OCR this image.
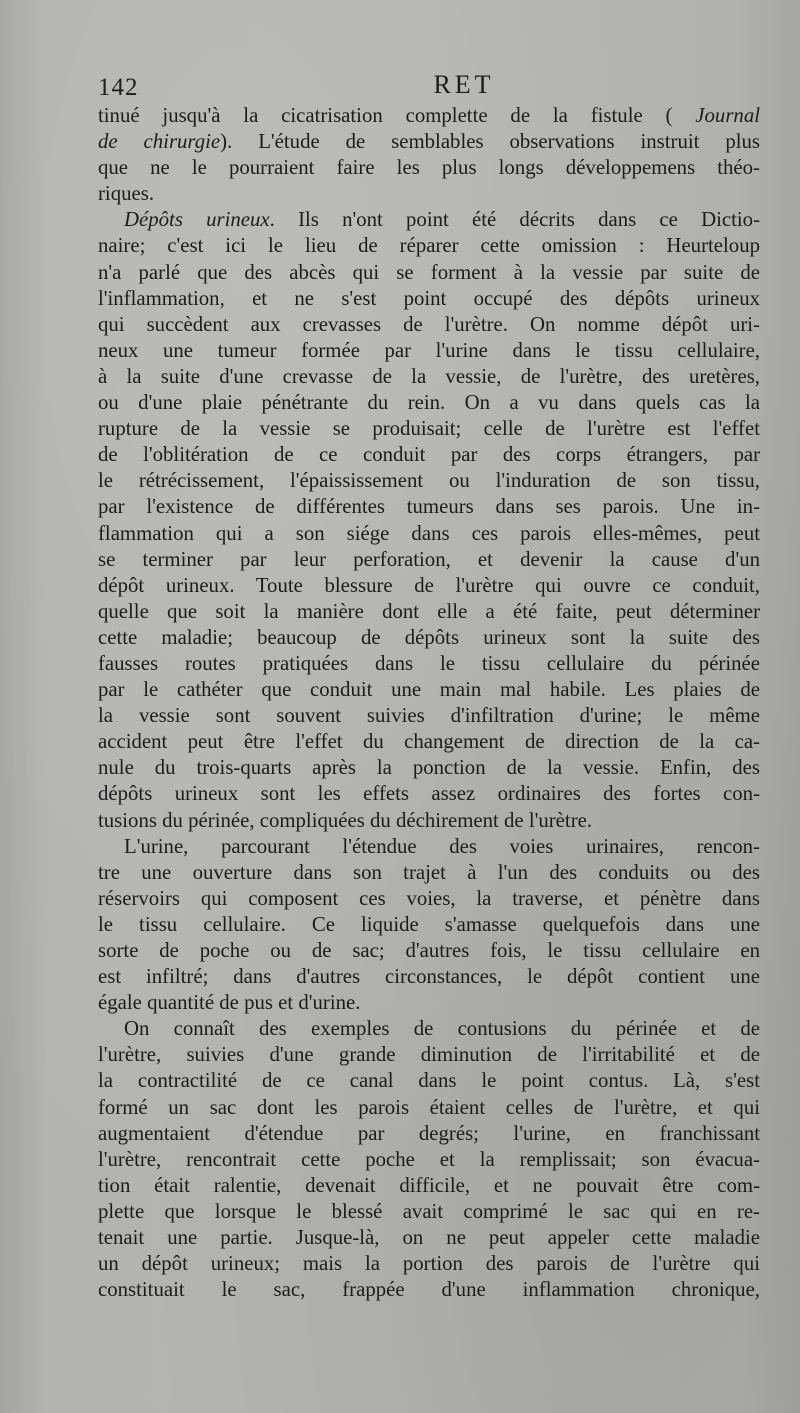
142	RET
tinué jusqu'à la cicatrisation complette de la fistule ( Journal
de chirurgie). L'étude de semblables observations instruit plus
que ne le pourraient faire les plus longs développemens théo-
riques.
Dépôts urineux. Ils n'ont point été décrits dans ce Dictio-
naire; c'est ici le lieu de réparer cette omission : Heurteloup
n'a parlé que des abcès qui se forment à la vessie par suite de
l'inflammation, et ne s'est point occupé des dépôts urineux
qui succèdent aux crevasses de l'urètre. On nomme dépôt uri-
neux une tumeur formée par l'urine dans le tissu cellulaire,
à la suite d'une crevasse de la vessie, de l'urètre, des uretères,
ou d'une plaie pénétrante du rein. On a vu dans quels cas la
rupture de la vessie se produisait; celle de l'urètre est l'effet
de l'oblitération de ce conduit par des corps étrangers, par
le rétrécissement, l'épaississement ou l'induration de son tissu,
par l'existence de différentes tumeurs dans ses parois. Une in-
flammation qui a son siége dans ces parois elles-mêmes, peut
se terminer par leur perforation, et devenir la cause d'un
dépôt urineux. Toute blessure de l'urètre qui ouvre ce conduit,
quelle que soit la manière dont elle a été faite, peut déterminer
cette maladie; beaucoup de dépôts urineux sont la suite des
fausses routes pratiquées dans le tissu cellulaire du périnée
par le cathéter que conduit une main mal habile. Les plaies de
la vessie sont souvent suivies d'infiltration d'urine; le même
accident peut être l'effet du changement de direction de la ca-
nule du trois-quarts après la ponction de la vessie. Enfin, des
dépôts urineux sont les effets assez ordinaires des fortes con-
tusions du périnée, compliquées du déchirement de l'urètre.
L'urine, parcourant l'étendue des voies urinaires, rencon-
tre une ouverture dans son trajet à l'un des conduits ou des
réservoirs qui composent ces voies, la traverse, et pénètre dans
le tissu cellulaire. Ce liquide s'amasse quelquefois dans une
sorte de poche ou de sac; d'autres fois, le tissu cellulaire en
est infiltré; dans d'autres circonstances, le dépôt contient une
égale quantité de pus et d'urine.
On connaît des exemples de contusions du périnée et de
l'urètre, suivies d'une grande diminution de l'irritabilité et de
la contractilité de ce canal dans le point contus. Là, s'est
formé un sac dont les parois étaient celles de l'urètre, et qui
augmentaient d'étendue par degrés; l'urine, en franchissant
l'urètre, rencontrait cette poche et la remplissait; son évacua-
tion était ralentie, devenait difficile, et ne pouvait être com-
plette que lorsque le blessé avait comprimé le sac qui en re-
tenait une partie. Jusque-là, on ne peut appeler cette maladie
un dépôt urineux; mais la portion des parois de l'urètre qui
constituait le sac, frappée d'une inflammation chronique,
